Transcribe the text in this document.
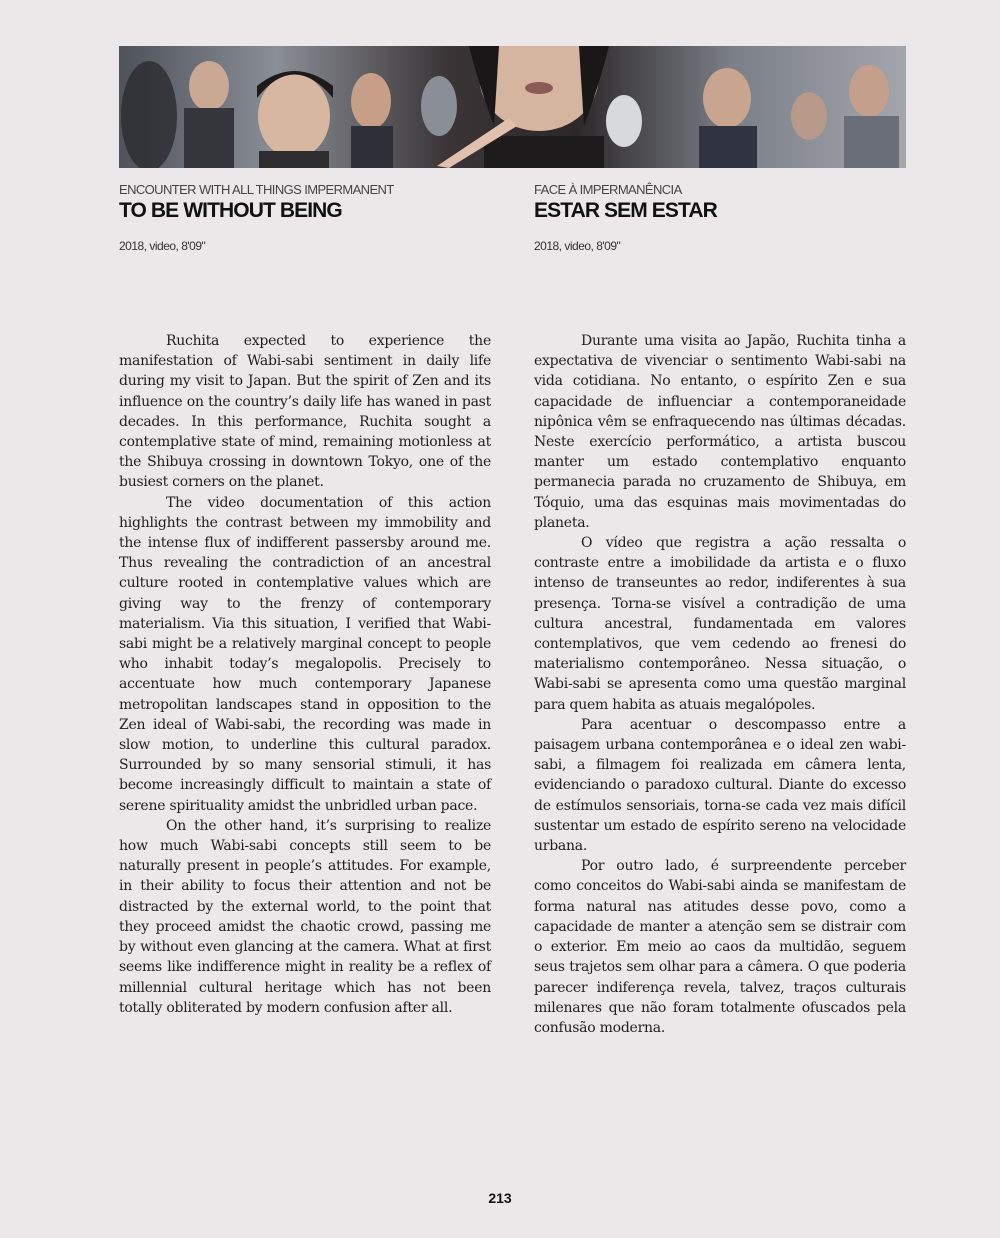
ENCOUNTER WITH ALL THINGS IMPERMANENT

TO BE WITHOUT BEING

2018, video, 8'09"

FACE À IMPERMANÊNCIA

ESTAR SEM ESTAR

2018, video, 8'09"

Ruchita expected to experience the manifestation of Wabi-sabi sentiment in daily life during my visit to Japan. But the spirit of Zen and its influence on the country’s daily life has waned in past decades. In this performance, Ruchita sought a contemplative state of mind, remaining motionless at the Shibuya crossing in downtown Tokyo, one of the busiest corners on the planet.

The video documentation of this action highlights the contrast between my immobility and the intense flux of indifferent passersby around me. Thus revealing the contradiction of an ancestral culture rooted in contemplative values which are giving way to the frenzy of contemporary materialism. Via this situation, I verified that Wabi-sabi might be a relatively marginal concept to people who inhabit today’s megalopolis. Precisely to accentuate how much contemporary Japanese metropolitan landscapes stand in opposition to the Zen ideal of Wabi-sabi, the recording was made in slow motion, to underline this cultural paradox. Surrounded by so many sensorial stimuli, it has become increasingly difficult to maintain a state of serene spirituality amidst the unbridled urban pace.

On the other hand, it’s surprising to realize how much Wabi-sabi concepts still seem to be naturally present in people’s attitudes. For example, in their ability to focus their attention and not be distracted by the external world, to the point that they proceed amidst the chaotic crowd, passing me by without even glancing at the camera. What at first seems like indifference might in reality be a reflex of millennial cultural heritage which has not been totally obliterated by modern confusion after all.

Durante uma visita ao Japão, Ruchita tinha a expectativa de vivenciar o sentimento Wabi-sabi na vida cotidiana. No entanto, o espírito Zen e sua capacidade de influenciar a contemporaneidade nipônica vêm se enfraquecendo nas últimas décadas. Neste exercício performático, a artista buscou manter um estado contemplativo enquanto permanecia parada no cruzamento de Shibuya, em Tóquio, uma das esquinas mais movimentadas do planeta.

O vídeo que registra a ação ressalta o contraste entre a imobilidade da artista e o fluxo intenso de transeuntes ao redor, indiferentes à sua presença. Torna-se visível a contradição de uma cultura ancestral, fundamentada em valores contemplativos, que vem cedendo ao frenesi do materialismo contemporâneo. Nessa situação, o Wabi-sabi se apresenta como uma questão marginal para quem habita as atuais megalópoles.

Para acentuar o descompasso entre a paisagem urbana contemporânea e o ideal zen wabi-sabi, a filmagem foi realizada em câmera lenta, evidenciando o paradoxo cultural. Diante do excesso de estímulos sensoriais, torna-se cada vez mais difícil sustentar um estado de espírito sereno na velocidade urbana.

Por outro lado, é surpreendente perceber como conceitos do Wabi-sabi ainda se manifestam de forma natural nas atitudes desse povo, como a capacidade de manter a atenção sem se distrair com o exterior. Em meio ao caos da multidão, seguem seus trajetos sem olhar para a câmera. O que poderia parecer indiferença revela, talvez, traços culturais milenares que não foram totalmente ofuscados pela confusão moderna.

213
